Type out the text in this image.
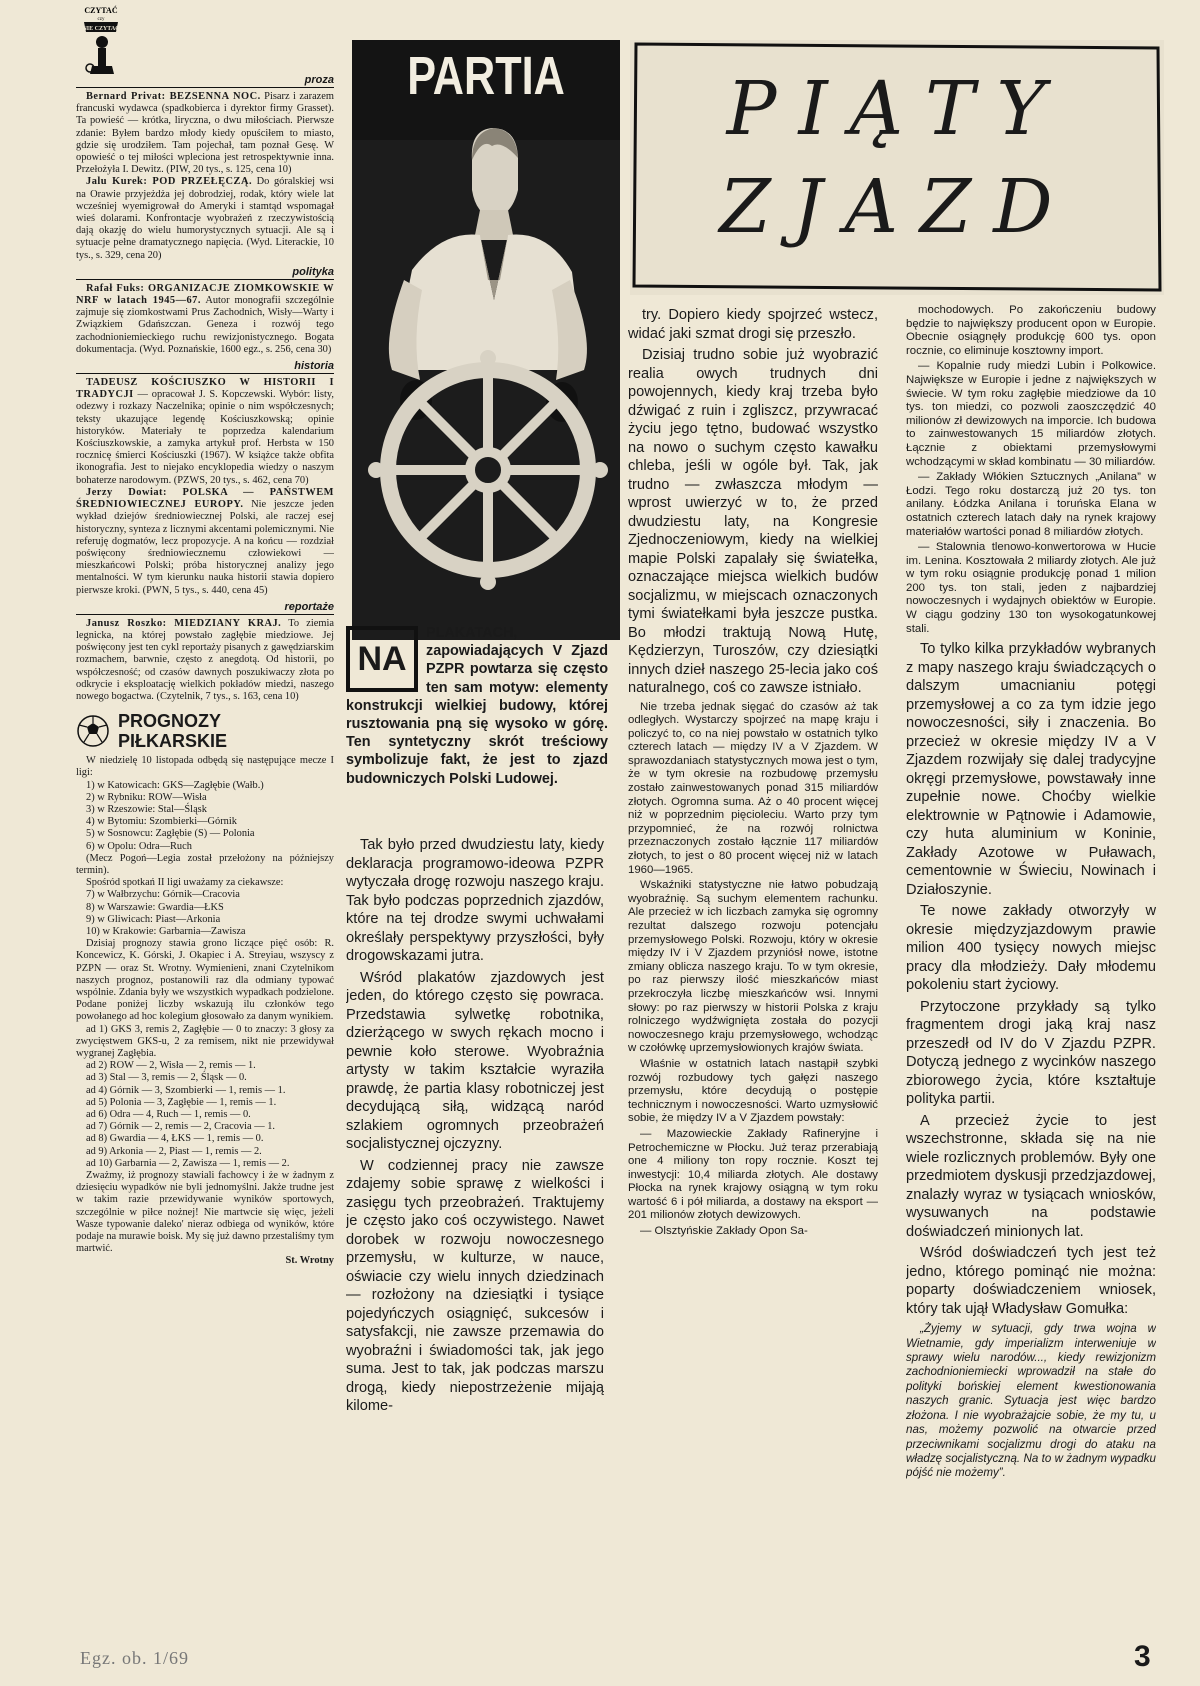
CZYTAĆ
czy
NIE CZYTAĆ
proza

Bernard Privat: BEZSENNA NOC. Pisarz i zarazem francuski wydawca (spadkobierca i dyrektor firmy Grasset). Ta powieść — krótka, liryczna, o dwu miłościach. Pierwsze zdanie: Byłem bardzo młody kiedy opuściłem to miasto, gdzie się urodziłem. Tam pojechał, tam poznał Gesę. W opowieść o tej miłości wpleciona jest retrospektywnie inna. Przełożyła I. Dewitz. (PIW, 20 tys., s. 125, cena 10)

Jalu Kurek: POD PRZEŁĘCZĄ. Do góralskiej wsi na Orawie przyjeżdża jej dobrodziej, rodak, który wiele lat wcześniej wyemigrował do Ameryki i stamtąd wspomagał wieś dolarami. Konfrontacje wyobrażeń z rzeczywistością dają okazję do wielu humorystycznych sytuacji. Ale są i sytuacje pełne dramatycznego napięcia. (Wyd. Literackie, 10 tys., s. 329, cena 20)

polityka

Rafał Fuks: ORGANIZACJE ZIOMKOWSKIE W NRF w latach 1945—67. Autor monografii szczególnie zajmuje się ziomkostwami Prus Zachodnich, Wisły—Warty i Związkiem Gdańszczan. Geneza i rozwój tego zachodnioniemieckiego ruchu rewizjonistycznego. Bogata dokumentacja. (Wyd. Poznańskie, 1600 egz., s. 256, cena 30)

historia

TADEUSZ KOŚCIUSZKO W HISTORII I TRADYCJI — opracował J. S. Kopczewski. Wybór: listy, odezwy i rozkazy Naczelnika; opinie o nim współczesnych; teksty ukazujące legendę Kościuszkowską; opinie historyków. Materiały te poprzedza kalendarium Kościuszkowskie, a zamyka artykuł prof. Herbsta w 150 rocznicę śmierci Kościuszki (1967). W książce także obfita ikonografia. Jest to niejako encyklopedia wiedzy o naszym bohaterze narodowym. (PZWS, 20 tys., s. 462, cena 70)

Jerzy Dowiat: POLSKA — PAŃSTWEM ŚREDNIOWIECZNEJ EUROPY. Nie jeszcze jeden wykład dziejów średniowiecznej Polski, ale raczej esej historyczny, synteza z licznymi akcentami polemicznymi. Nie referuję dogmatów, lecz propozycje. A na końcu — rozdział poświęcony średniowiecznemu człowiekowi — mieszkańcowi Polski; próba historycznej analizy jego mentalności. W tym kierunku nauka historii stawia dopiero pierwsze kroki. (PWN, 5 tys., s. 440, cena 45)

reportaże

Janusz Roszko: MIEDZIANY KRAJ. To ziemia legnicka, na której powstało zagłębie miedziowe. Jej poświęcony jest ten cykl reportaży pisanych z gawędziarskim rozmachem, barwnie, często z anegdotą. Od historii, po współczesność; od czasów dawnych poszukiwaczy złota po odkrycie i eksploatację wielkich pokładów miedzi, naszego nowego bogactwa. (Czytelnik, 7 tys., s. 163, cena 10)

PROGNOZY PIŁKARSKIE

W niedzielę 10 listopada odbędą się następujące mecze I ligi:

1) w Katowicach: GKS—Zagłębie (Wałb.)

2) w Rybniku: ROW—Wisła

3) w Rzeszowie: Stal—Śląsk

4) w Bytomiu: Szombierki—Górnik

5) w Sosnowcu: Zagłębie (S) — Polonia

6) w Opolu: Odra—Ruch

(Mecz Pogoń—Legia został przełożony na późniejszy termin).

Spośród spotkań II ligi uważamy za ciekawsze:

7) w Wałbrzychu: Górnik—Cracovia

8) w Warszawie: Gwardia—ŁKS

9) w Gliwicach: Piast—Arkonia

10) w Krakowie: Garbarnia—Zawisza

Dzisiaj prognozy stawia grono liczące pięć osób: R. Koncewicz, K. Górski, J. Okapiec i A. Streyiau, wszyscy z PZPN — oraz St. Wrotny. Wymienieni, znani Czytelnikom naszych prognoz, postanowili raz dla odmiany typować wspólnie. Zdania były we wszystkich wypadkach podzielone. Podane poniżej liczby wskazują ilu członków tego powołanego ad hoc kolegium głosowało za danym wynikiem.

ad 1) GKS 3, remis 2, Zagłębie — 0 to znaczy: 3 głosy za zwycięstwem GKS-u, 2 za remisem, nikt nie przewidywał wygranej Zagłębia.

ad 2) ROW — 2, Wisła — 2, remis — 1.

ad 3) Stal — 3, remis — 2, Śląsk — 0.

ad 4) Górnik — 3, Szombierki — 1, remis — 1.

ad 5) Polonia — 3, Zagłębie — 1, remis — 1.

ad 6) Odra — 4, Ruch — 1, remis — 0.

ad 7) Górnik — 2, remis — 2, Cracovia — 1.

ad 8) Gwardia — 4, ŁKS — 1, remis — 0.

ad 9) Arkonia — 2, Piast — 1, remis — 2.

ad 10) Garbarnia — 2, Zawisza — 1, remis — 2.

Zważmy, iż prognozy stawiali fachowcy i że w żadnym z dziesięciu wypadków nie byli jednomyślni. Jakże trudne jest w takim razie przewidywanie wyników sportowych, szczególnie w piłce nożnej! Nie martwcie się więc, jeżeli Wasze typowanie daleko' nieraz odbiega od wyników, które podaje na murawie boisk. My się już dawno przestaliśmy tym martwić.

St. Wrotny
PARTIA	PIĄTY
ZJAZD
NA
PLAKATACH, zapowiadających V Zjazd PZPR powtarza się często ten sam motyw: elementy konstrukcji wielkiej budowy, której rusztowania pną się wysoko w górę. Ten syntetyczny skrót treściowy symbolizuje fakt, że jest to zjazd budowniczych Polski Ludowej.

Tak było przed dwudziestu laty, kiedy deklaracja programowo-ideowa PZPR wytyczała drogę rozwoju naszego kraju. Tak było podczas poprzednich zjazdów, które na tej drodze swymi uchwałami określały perspektywy przyszłości, były drogowskazami jutra.

Wśród plakatów zjazdowych jest jeden, do którego często się powraca. Przedstawia sylwetkę robotnika, dzierżącego w swych rękach mocno i pewnie koło sterowe. Wyobraźnia artysty w takim kształcie wyraziła prawdę, że partia klasy robotniczej jest decydującą siłą, widzącą naród szlakiem ogromnych przeobrażeń socjalistycznej ojczyzny.

W codziennej pracy nie zawsze zdajemy sobie sprawę z wielkości i zasięgu tych przeobrażeń. Traktujemy je często jako coś oczywistego. Nawet dorobek w rozwoju nowoczesnego przemysłu, w kulturze, w nauce, oświacie czy wielu innych dziedzinach — rozłożony na dziesiątki i tysiące pojedyńczych osiągnięć, sukcesów i satysfakcji, nie zawsze przemawia do wyobraźni i świadomości tak, jak jego suma. Jest to tak, jak podczas marszu drogą, kiedy niepostrzeżenie mijają kilome-

try. Dopiero kiedy spojrzeć wstecz, widać jaki szmat drogi się przeszło.

Dzisiaj trudno sobie już wyobrazić realia owych trudnych dni powojennych, kiedy kraj trzeba było dźwigać z ruin i zgliszcz, przywracać życiu jego tętno, budować wszystko na nowo o suchym często kawałku chleba, jeśli w ogóle był. Tak, jak trudno — zwłaszcza młodym — wprost uwierzyć w to, że przed dwudziestu laty, na Kongresie Zjednoczeniowym, kiedy na wielkiej mapie Polski zapalały się światełka, oznaczające miejsca wielkich budów socjalizmu, w miejscach oznaczonych tymi światełkami była jeszcze pustka. Bo młodzi traktują Nową Hutę, Kędzierzyn, Turoszów, czy dziesiątki innych dzieł naszego 25-lecia jako coś naturalnego, coś co zawsze istniało.

Nie trzeba jednak sięgać do czasów aż tak odległych. Wystarczy spojrzeć na mapę kraju i policzyć to, co na niej powstało w ostatnich tylko czterech latach — między IV a V Zjazdem. W sprawozdaniach statystycznych mowa jest o tym, że w tym okresie na rozbudowę przemysłu zostało zainwestowanych ponad 315 miliardów złotych. Ogromna suma. Aż o 40 procent więcej niż w poprzednim pięcioleciu. Warto przy tym przypomnieć, że na rozwój rolnictwa przeznaczonych zostało łącznie 117 miliardów złotych, to jest o 80 procent więcej niż w latach 1960—1965.

Wskaźniki statystyczne nie łatwo pobudzają wyobraźnię. Są suchym elementem rachunku. Ale przecież w ich liczbach zamyka się ogromny rezultat dalszego rozwoju potencjału przemysłowego Polski. Rozwoju, który w okresie między IV i V Zjazdem przyniósł nowe, istotne zmiany oblicza naszego kraju. To w tym okresie, po raz pierwszy ilość mieszkańców miast przekroczyła liczbę mieszkańców wsi. Innymi słowy: po raz pierwszy w historii Polska z kraju rolniczego wydźwignięta została do pozycji nowoczesnego kraju przemysłowego, wchodząc w czołówkę uprzemysłowionych krajów świata.

Właśnie w ostatnich latach nastąpił szybki rozwój rozbudowy tych gałęzi naszego przemysłu, które decydują o postępie technicznym i nowoczesności. Warto uzmysłowić sobie, że między IV a V Zjazdem powstały:

— Mazowieckie Zakłady Rafineryjne i Petrochemiczne w Płocku. Już teraz przerabiają one 4 miliony ton ropy rocznie. Koszt tej inwestycji: 10,4 miliarda złotych. Ale dostawy Płocka na rynek krajowy osiągną w tym roku wartość 6 i pół miliarda, a dostawy na eksport — 201 milionów złotych dewizowych.

— Olsztyńskie Zakłady Opon Sa-

mochodowych. Po zakończeniu budowy będzie to największy producent opon w Europie. Obecnie osiągnęły produkcję 600 tys. opon rocznie, co eliminuje kosztowny import.

— Kopalnie rudy miedzi Lubin i Polkowice. Największe w Europie i jedne z największych w świecie. W tym roku zagłębie miedziowe da 10 tys. ton miedzi, co pozwoli zaoszczędzić 40 milionów zł dewizowych na imporcie. Ich budowa to zainwestowanych 15 miliardów złotych. Łącznie z obiektami przemysłowymi wchodzącymi w skład kombinatu — 30 miliardów.

— Zakłady Włókien Sztucznych „Anilana” w Łodzi. Tego roku dostarczą już 20 tys. ton anilany. Łódzka Anilana i toruńska Elana w ostatnich czterech latach dały na rynek krajowy materiałów wartości ponad 8 miliardów złotych.

— Stalownia tlenowo-konwertorowa w Hucie im. Lenina. Kosztowała 2 miliardy złotych. Ale już w tym roku osiągnie produkcję ponad 1 milion 200 tys. ton stali, jeden z najbardziej nowoczesnych i wydajnych obiektów w Europie. W ciągu godziny 130 ton wysokogatunkowej stali.

To tylko kilka przykładów wybranych z mapy naszego kraju świadczących o dalszym umacnianiu potęgi przemysłowej a co za tym idzie jego nowoczesności, siły i znaczenia. Bo przecież w okresie między IV a V Zjazdem rozwijały się dalej tradycyjne okręgi przemysłowe, powstawały inne zupełnie nowe. Choćby wielkie elektrownie w Pątnowie i Adamowie, czy huta aluminium w Koninie, Zakłady Azotowe w Puławach, cementownie w Świeciu, Nowinach i Działoszynie.

Te nowe zakłady otworzyły w okresie międzyzjazdowym prawie milion 400 tysięcy nowych miejsc pracy dla młodzieży. Dały młodemu pokoleniu start życiowy.

Przytoczone przykłady są tylko fragmentem drogi jaką kraj nasz przeszedł od IV do V Zjazdu PZPR. Dotyczą jednego z wycinków naszego zbiorowego życia, które kształtuje polityka partii.

A przecież życie to jest wszechstronne, składa się na nie wiele rozlicznych problemów. Były one przedmiotem dyskusji przedzjazdowej, znalazły wyraz w tysiącach wniosków, wysuwanych na podstawie doświadczeń minionych lat.

Wśród doświadczeń tych jest też jedno, którego pominąć nie można: poparty doświadczeniem wniosek, który tak ujął Władysław Gomułka:

„Żyjemy w sytuacji, gdy trwa wojna w Wietnamie, gdy imperializm interweniuje w sprawy wielu narodów..., kiedy rewizjonizm zachodnioniemiecki wprowadził na stałe do polityki bońskiej element kwestionowania naszych granic. Sytuacja jest więc bardzo złożona. I nie wyobrażajcie sobie, że my tu, u nas, możemy pozwolić na otwarcie przed przeciwnikami socjalizmu drogi do ataku na władzę socjalistyczną. Na to w żadnym wypadku pójść nie możemy”.
Egz. ob. 1/69	3
